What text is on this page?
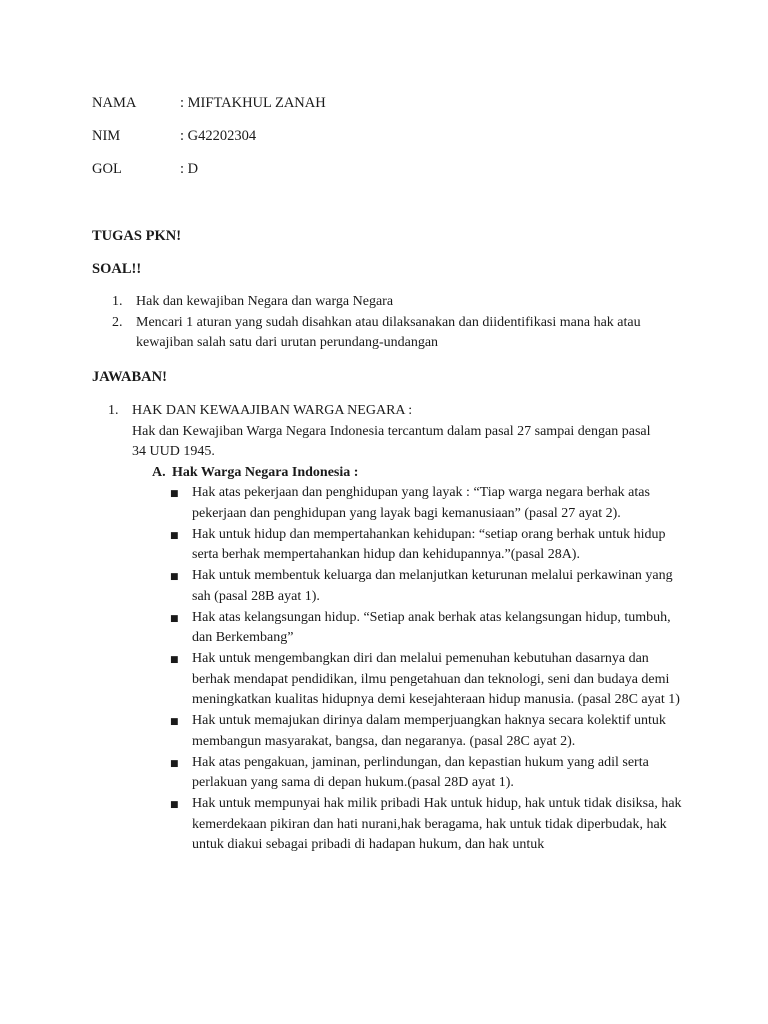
NAMA	: MIFTAKHUL ZANAH
NIM	: G42202304
GOL	: D
TUGAS PKN!
SOAL!!
1. Hak dan kewajiban Negara dan warga Negara
2. Mencari 1 aturan yang sudah disahkan atau dilaksanakan dan diidentifikasi mana hak atau kewajiban salah satu dari urutan perundang-undangan
JAWABAN!
1. HAK DAN KEWAAJIBAN WARGA NEGARA :
Hak dan Kewajiban Warga Negara Indonesia tercantum dalam pasal 27 sampai dengan pasal 34 UUD 1945.
A. Hak Warga Negara Indonesia :
■ Hak atas pekerjaan dan penghidupan yang layak : “Tiap warga negara berhak atas pekerjaan dan penghidupan yang layak bagi kemanusiaan” (pasal 27 ayat 2).
■ Hak untuk hidup dan mempertahankan kehidupan: “setiap orang berhak untuk hidup serta berhak mempertahankan hidup dan kehidupannya.”(pasal 28A).
■ Hak untuk membentuk keluarga dan melanjutkan keturunan melalui perkawinan yang sah (pasal 28B ayat 1).
■ Hak atas kelangsungan hidup. “Setiap anak berhak atas kelangsungan hidup, tumbuh, dan Berkembang”
■ Hak untuk mengembangkan diri dan melalui pemenuhan kebutuhan dasarnya dan berhak mendapat pendidikan, ilmu pengetahuan dan teknologi, seni dan budaya demi meningkatkan kualitas hidupnya demi kesejahteraan hidup manusia. (pasal 28C ayat 1)
■ Hak untuk memajukan dirinya dalam memperjuangkan haknya secara kolektif untuk membangun masyarakat, bangsa, dan negaranya. (pasal 28C ayat 2).
■ Hak atas pengakuan, jaminan, perlindungan, dan kepastian hukum yang adil serta perlakuan yang sama di depan hukum.(pasal 28D ayat 1).
■ Hak untuk mempunyai hak milik pribadi Hak untuk hidup, hak untuk tidak disiksa, hak kemerdekaan pikiran dan hati nurani,hak beragama, hak untuk tidak diperbudak, hak untuk diakui sebagai pribadi di hadapan hukum, dan hak untuk
